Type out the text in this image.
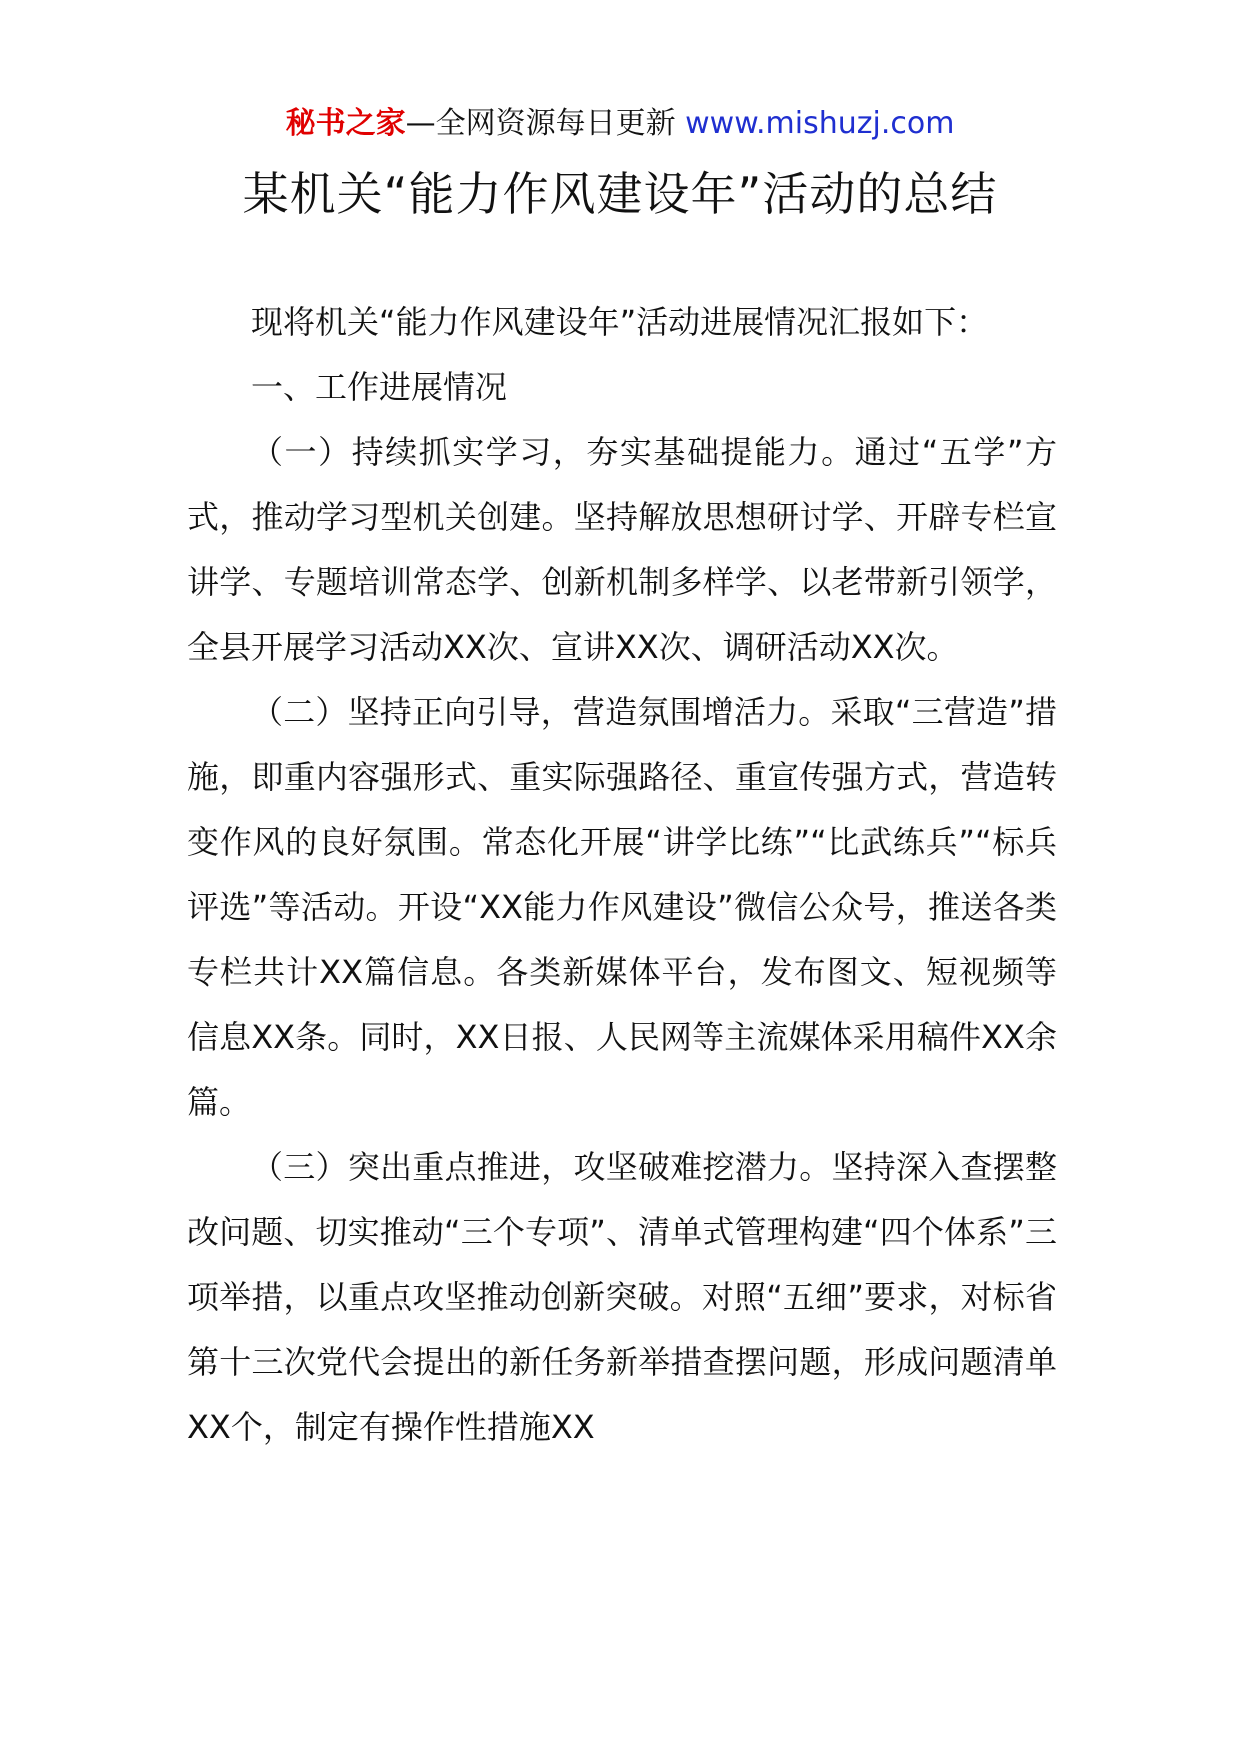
秘书之家—全网资源每日更新 www.mishuzj.com
某机关“能力作风建设年”活动的总结

现将机关“能力作风建设年”活动进展情况汇报如下：

一、工作进展情况

（一）持续抓实学习，夯实基础提能力。通过“五学”方式，推动学习型机关创建。坚持解放思想研讨学、开辟专栏宣讲学、专题培训常态学、创新机制多样学、以老带新引领学，全县开展学习活动XX次、宣讲XX次、调研活动XX次。

（二）坚持正向引导，营造氛围增活力。采取“三营造”措施，即重内容强形式、重实际强路径、重宣传强方式，营造转变作风的良好氛围。常态化开展“讲学比练”“比武练兵”“标兵评选”等活动。开设“XX能力作风建设”微信公众号，推送各类专栏共计XX篇信息。各类新媒体平台，发布图文、短视频等信息XX条。同时，XX日报、人民网等主流媒体采用稿件XX余篇。

（三）突出重点推进，攻坚破难挖潜力。坚持深入查摆整改问题、切实推动“三个专项”、清单式管理构建“四个体系”三项举措，以重点攻坚推动创新突破。对照“五细”要求，对标省第十三次党代会提出的新任务新举措查摆问题，形成问题清单XX个，制定有操作性措施XX
